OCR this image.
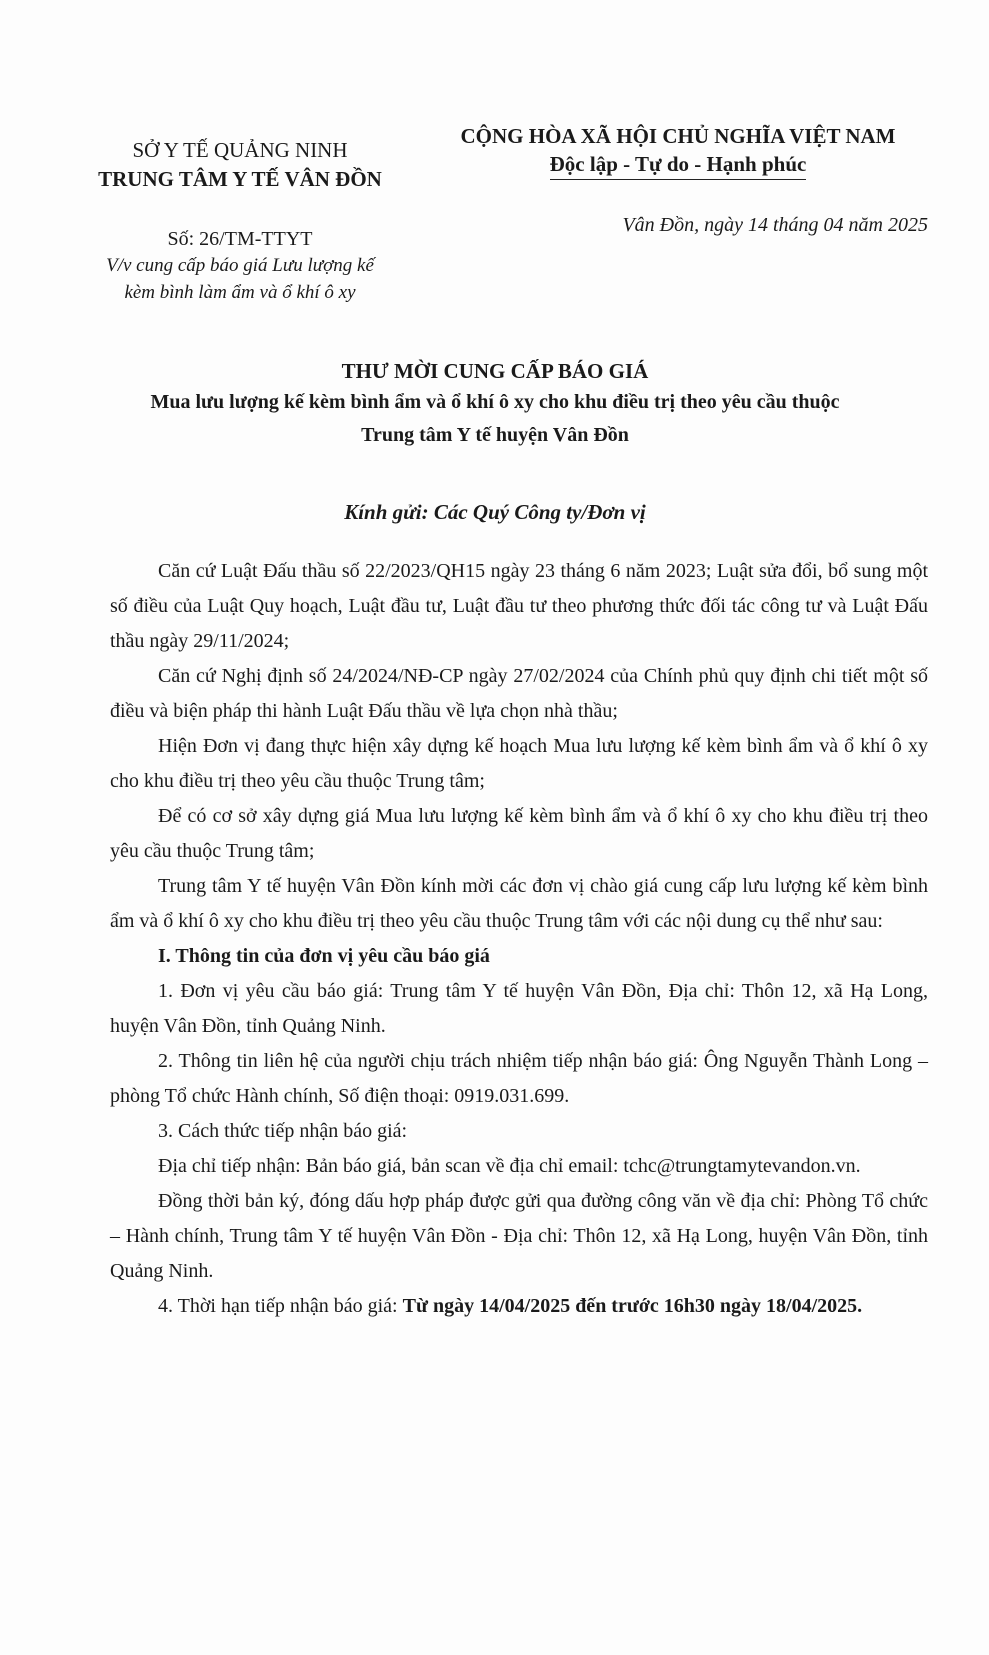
SỞ Y TẾ QUẢNG NINH
TRUNG TÂM Y TẾ VÂN ĐỒN
CỘNG HÒA XÃ HỘI CHỦ NGHĨA VIỆT NAM
Độc lập - Tự do - Hạnh phúc
Số: 26/TM-TTYT
V/v cung cấp báo giá Lưu lượng kế
kèm bình làm ẩm và ổ khí ô xy
Vân Đồn, ngày 14 tháng 04 năm 2025
THƯ MỜI CUNG CẤP BÁO GIÁ
Mua lưu lượng kế kèm bình ẩm và ổ khí ô xy cho khu điều trị theo yêu cầu thuộc
Trung tâm Y tế huyện Vân Đồn
Kính gửi: Các Quý Công ty/Đơn vị

Căn cứ Luật Đấu thầu số 22/2023/QH15 ngày 23 tháng 6 năm 2023; Luật sửa đổi, bổ sung một số điều của Luật Quy hoạch, Luật đầu tư, Luật đầu tư theo phương thức đối tác công tư và Luật Đấu thầu ngày 29/11/2024;

Căn cứ Nghị định số 24/2024/NĐ-CP ngày 27/02/2024 của Chính phủ quy định chi tiết một số điều và biện pháp thi hành Luật Đấu thầu về lựa chọn nhà thầu;

Hiện Đơn vị đang thực hiện xây dựng kế hoạch Mua lưu lượng kế kèm bình ẩm và ổ khí ô xy cho khu điều trị theo yêu cầu thuộc Trung tâm;

Để có cơ sở xây dựng giá Mua lưu lượng kế kèm bình ẩm và ổ khí ô xy cho khu điều trị theo yêu cầu thuộc Trung tâm;

Trung tâm Y tế huyện Vân Đồn kính mời các đơn vị chào giá cung cấp lưu lượng kế kèm bình ẩm và ổ khí ô xy cho khu điều trị theo yêu cầu thuộc Trung tâm với các nội dung cụ thể như sau:

I. Thông tin của đơn vị yêu cầu báo giá

1. Đơn vị yêu cầu báo giá: Trung tâm Y tế huyện Vân Đồn, Địa chỉ: Thôn 12, xã Hạ Long, huyện Vân Đồn, tỉnh Quảng Ninh.

2. Thông tin liên hệ của người chịu trách nhiệm tiếp nhận báo giá: Ông Nguyễn Thành Long – phòng Tổ chức Hành chính, Số điện thoại: 0919.031.699.

3. Cách thức tiếp nhận báo giá:

Địa chỉ tiếp nhận: Bản báo giá, bản scan về địa chỉ email: tchc@trungtamytevandon.vn.

Đồng thời bản ký, đóng dấu hợp pháp được gửi qua đường công văn về địa chỉ: Phòng Tổ chức – Hành chính, Trung tâm Y tế huyện Vân Đồn - Địa chỉ: Thôn 12, xã Hạ Long, huyện Vân Đồn, tỉnh Quảng Ninh.

4. Thời hạn tiếp nhận báo giá: Từ ngày 14/04/2025 đến trước 16h30 ngày 18/04/2025.
